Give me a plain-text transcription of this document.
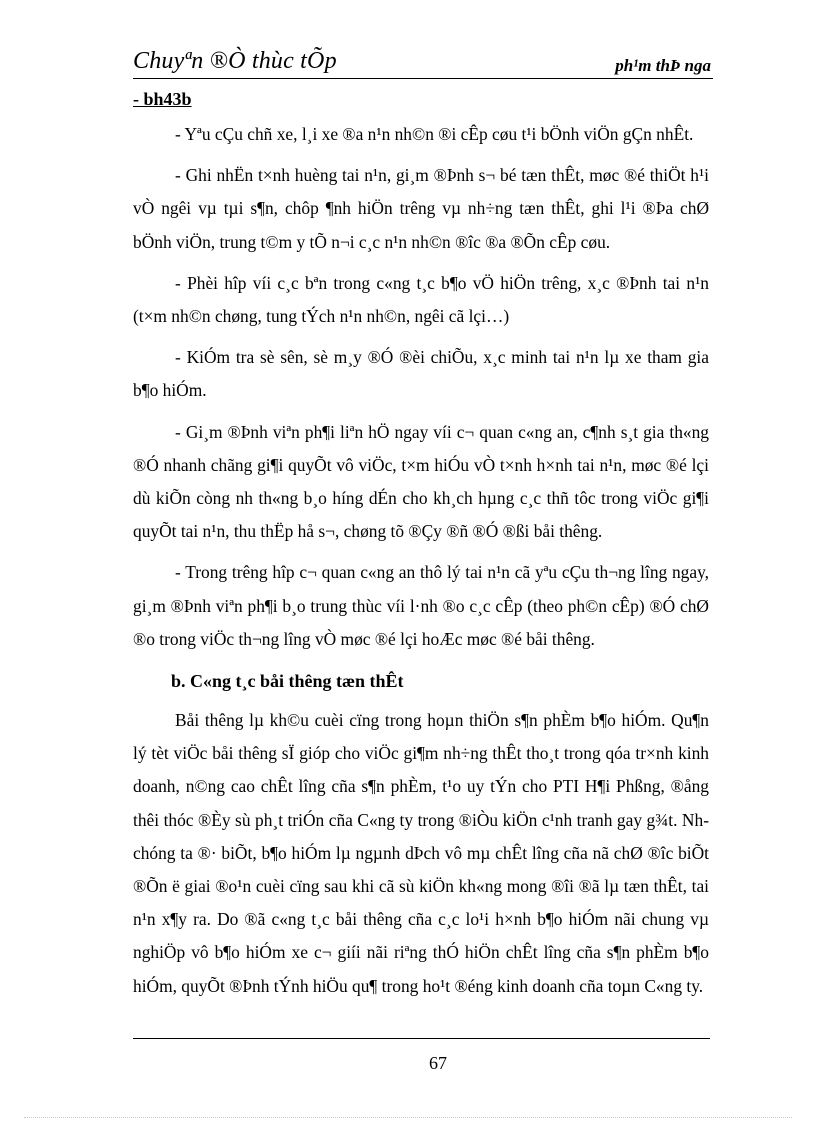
Chuyªn ®Ò thùc tÕp	ph¹m thÞ nga
- bh43b

- Yªu cÇu chñ xe, l¸i xe ®a n¹n nh©n ®i cÊp cøu t¹i bÖnh viÖn gÇn nhÊt.

- Ghi nhËn t×nh huèng tai n¹n, gi¸m ®Þnh s¬ bé tæn thÊt, møc ®é thiÖt h¹i vÒ ngêi vµ tµi s¶n, chôp ¶nh hiÖn trêng vµ nh÷ng tæn thÊt, ghi l¹i ®Þa chØ bÖnh viÖn, trung t©m y tÕ n¬i c¸c n¹n nh©n ®îc ®a ®Õn cÊp cøu.

- Phèi hîp víi c¸c bªn trong c«ng t¸c b¶o vÖ hiÖn trêng, x¸c ®Þnh tai n¹n (t×m nh©n chøng, tung tÝch n¹n nh©n, ngêi cã lçi…)

- KiÓm tra sè sên, sè m¸y ®Ó ®èi chiÕu, x¸c minh tai n¹n lµ xe tham gia b¶o hiÓm.

- Gi¸m ®Þnh viªn ph¶i liªn hÖ ngay víi c¬ quan c«ng an, c¶nh s¸t gia th«ng ®Ó nhanh chãng gi¶i quyÕt vô viÖc, t×m hiÓu vÒ t×nh h×nh tai n¹n, møc ®é lçi dù kiÕn còng nh th«ng b¸o híng dÉn cho kh¸ch hµng c¸c thñ tôc trong viÖc gi¶i quyÕt tai n¹n, thu thËp hå s¬, chøng tõ ®Çy ®ñ ®Ó ®ßi båi thêng.

- Trong trêng hîp c¬ quan c«ng an thô lý tai n¹n cã yªu cÇu th¬ng lîng ngay, gi¸m ®Þnh viªn ph¶i b¸o trung thùc víi l·nh ®o c¸c cÊp (theo ph©n cÊp) ®Ó chØ ®o trong viÖc th¬ng lîng vÒ møc ®é lçi hoÆc møc ®é båi thêng.

b. C«ng t¸c båi thêng tæn thÊt

Båi thêng lµ kh©u cuèi cïng trong hoµn thiÖn s¶n phÈm b¶o hiÓm. Qu¶n lý tèt viÖc båi thêng sÏ gióp cho viÖc gi¶m nh÷ng thÊt tho¸t trong qóa tr×nh kinh doanh, n©ng cao chÊt lîng cña s¶n phÈm, t¹o uy tÝn cho PTI H¶i Phßng, ®ång thêi thóc ®Èy sù ph¸t triÓn cña C«ng ty trong ®iÒu kiÖn c¹nh tranh gay g¾t. Nh chóng ta ®· biÕt, b¶o hiÓm lµ ngµnh dÞch vô mµ chÊt lîng cña nã chØ ®îc biÕt ®Õn ë giai ®o¹n cuèi cïng sau khi cã sù kiÖn kh«ng mong ®îi ®ã lµ tæn thÊt, tai n¹n x¶y ra. Do ®ã c«ng t¸c båi thêng cña c¸c lo¹i h×nh b¶o hiÓm nãi chung vµ nghiÖp vô b¶o hiÓm xe c¬ giíi nãi riªng thÓ hiÖn chÊt lîng cña s¶n phÈm b¶o hiÓm, quyÕt ®Þnh tÝnh hiÖu qu¶ trong ho¹t ®éng kinh doanh cña toµn C«ng ty.

67
